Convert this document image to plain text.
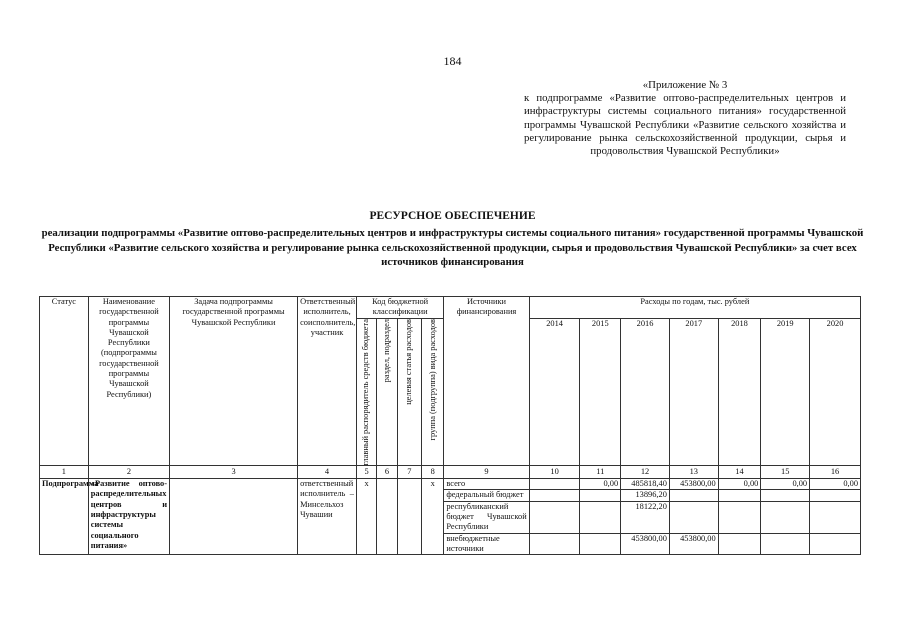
184
«Приложение № 3
к подпрограмме «Развитие оптово-распределительных центров и инфраструктуры системы социального питания» государственной программы Чувашской Республики «Развитие сельского хозяйства и регулирование рынка сельскохозяйственной продукции, сырья и продовольствия Чувашской Республики»
РЕСУРСНОЕ ОБЕСПЕЧЕНИЕ
реализации подпрограммы «Развитие оптово-распределительных центров и инфраструктуры системы социального питания» государственной программы Чувашской Республики «Развитие сельского хозяйства и регулирование рынка сельскохозяйственной продукции, сырья и продовольствия Чувашской Республики» за счет всех источников финансирования
Статус	Наименование государственной программы Чувашской Республики (подпрограммы государственной программы Чувашской Республики)	Задача подпрограммы государственной программы Чувашской Республики	Ответственный исполнитель, соисполнитель, участник	Код бюджетной классификации				Источники финансирования	Расходы по годам, тыс. рублей						

				главный распорядитель средств бюджета	раздел, подраздел	целевая статья расходов	группа (подгруппа) вида расходов		2014	2015	2016	2017	2018	2019	2020
1	2	3	4	5	6	7	8	9	10	11	12	13	14	15	16
Подпрограмма	«Развитие оптово-распределительных центров и инфраструктуры системы социального питания»		ответственный исполнитель – Минсельхоз Чувашии	x			x	всего		0,00	485818,40	453800,00	0,00	0,00	0,00
								федеральный бюджет			13896,20				
								республиканский бюджет Чувашской Республики			18122,20				
								внебюджетные источники			453800,00	453800,00			
